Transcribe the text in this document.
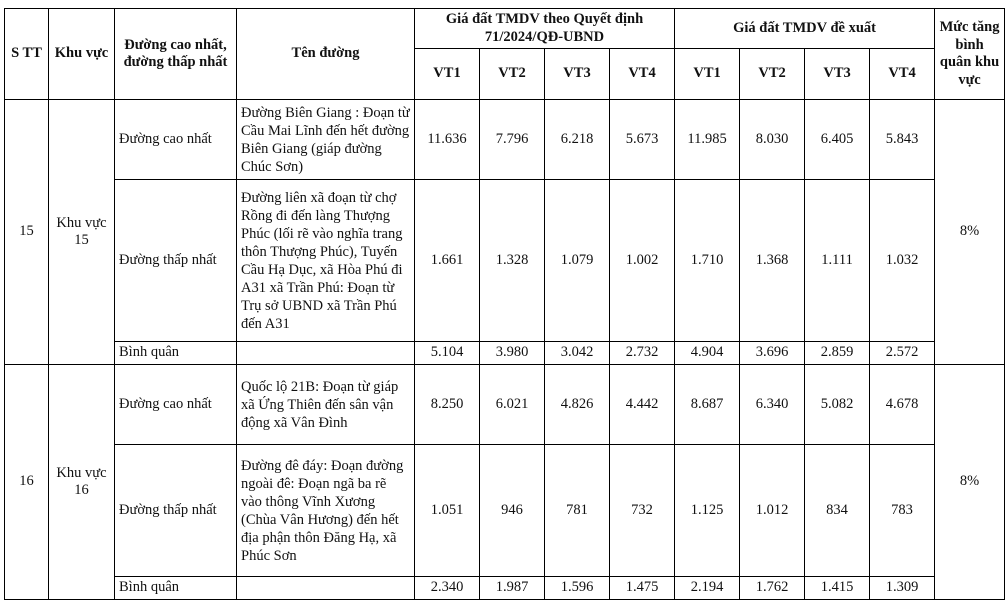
S TT	Khu vực	Đường cao nhất, đường thấp nhất	Tên đường	Giá đất TMDV theo Quyết định 71/2024/QĐ-UBND				Giá đất TMDV đề xuất				Mức tăng bình quân khu vực
				VT1	VT2	VT3	VT4	VT1	VT2	VT3	VT4	
15	Khu vực 15	Đường cao nhất	Đường Biên Giang : Đoạn từ Cầu Mai Lĩnh đến hết đường Biên Giang (giáp đường Chúc Sơn)	11.636	7.796	6.218	5.673	11.985	8.030	6.405	5.843	8%
		Đường thấp nhất	Đường liên xã đoạn từ chợ Rồng đi đến làng Thượng Phúc (lối rẽ vào nghĩa trang thôn Thượng Phúc), Tuyến Cầu Hạ Dục, xã Hòa Phú đi A31 xã Trần Phú: Đoạn từ Trụ sở UBND xã Trần Phú đến A31	1.661	1.328	1.079	1.002	1.710	1.368	1.111	1.032	
		Bình quân		5.104	3.980	3.042	2.732	4.904	3.696	2.859	2.572	
16	Khu vực 16	Đường cao nhất	Quốc lộ 21B: Đoạn từ giáp xã Ứng Thiên đến sân vận động xã Vân Đình	8.250	6.021	4.826	4.442	8.687	6.340	5.082	4.678	8%
		Đường thấp nhất	Đường đê đáy: Đoạn đường ngoài đê: Đoạn ngã ba rẽ vào thông Vĩnh Xương (Chùa Vân Hương) đến hết địa phận thôn Đăng Hạ, xã Phúc Sơn	1.051	946	781	732	1.125	1.012	834	783	
		Bình quân		2.340	1.987	1.596	1.475	2.194	1.762	1.415	1.309	
